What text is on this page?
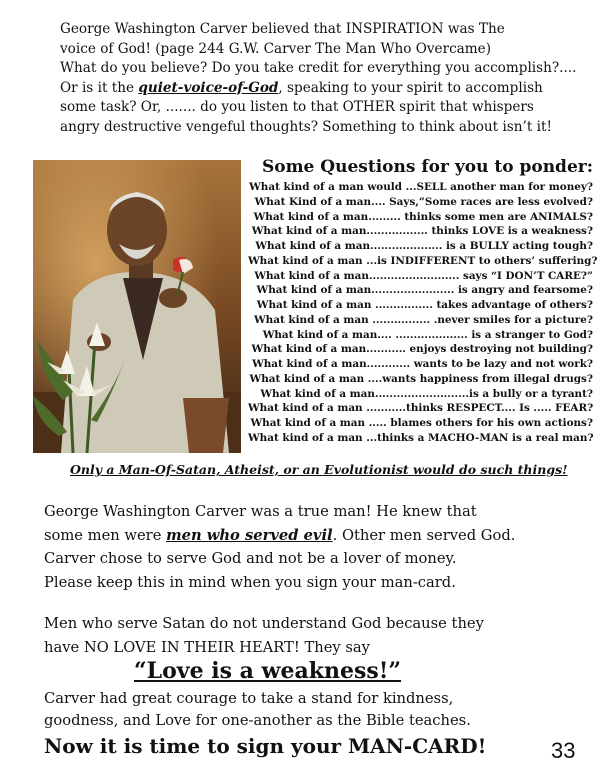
George Washington Carver believed that INSPIRATION was The

voice of God! (page 244 G.W. Carver The Man Who Overcame)

What do you believe? Do you take credit for everything you accomplish?....

Or is it the quiet-voice-of-God, speaking to your spirit to accomplish

some task? Or, ....... do you listen to that OTHER spirit that whispers

angry destructive vengeful thoughts? Something to think about isn’t it!

Some Questions for you to ponder:
What kind of a man would ...SELL another man for money?
What Kind of a man.... Says,”Some races are less evolved?
What kind of a man......... thinks some men are ANIMALS?
What kind of a man................. thinks LOVE is a weakness?
What kind of a man.................... is a BULLY acting tough?
What kind of a man ...is INDIFFERENT to others’ suffering?
What kind of a man......................... says “I DON’T CARE?”
What kind of a man....................... is angry and fearsome?
What kind of a man ................ takes advantage of others?
What kind of a man ................ .never smiles for a picture?
What kind of a man.... .................... is a stranger to God?
What kind of a man........... enjoys destroying not building?
What kind of a man............ wants to be lazy and not work?
What kind of a man ....wants happiness from illegal drugs?
What kind of a man..........................is a bully or a tyrant?
What kind of a man ...........thinks RESPECT.... Is ..... FEAR?
What kind of a man ..... blames others for his own actions?
What kind of a man ...thinks a MACHO-MAN is a real man?
Only a Man-Of-Satan, Atheist, or an Evolutionist would do such things!

George Washington Carver was a true man! He knew that

some men were men who served evil. Other men served God.

Carver chose to serve God and not be a lover of money.

Please keep this in mind when you sign your man-card.

Men who serve Satan do not understand God because they

have NO LOVE IN THEIR HEART! They say

“Love is a weakness!”

Carver had great courage to take a stand for kindness,

goodness, and Love for one-another as the Bible teaches.

Now it is time to sign your MAN-CARD!	33
